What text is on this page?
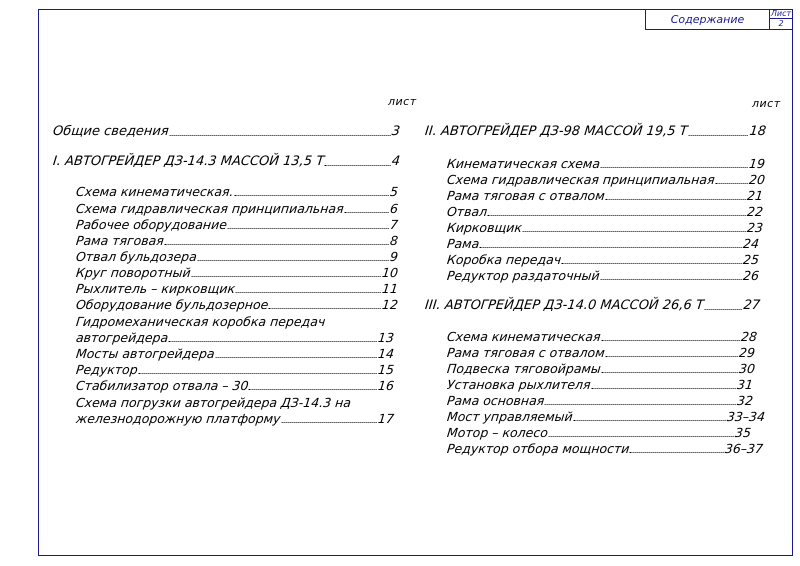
Содержание	Лист
2
лист
Общие сведения	3
I. АВТОГРЕЙДЕР ДЗ-14.3 МАССОЙ 13,5 Т	4
Схема кинематическая.	5
Схема гидравлическая принципиальная	6
Рабочее оборудование	7
Рама тяговая	8
Отвал бульдозера	9
Круг поворотный	10
Рыхлитель – кирковщик	11
Оборудование бульдозерное	12
Гидромеханическая коробка передач
автогрейдера	13
Мосты автогрейдера	14
Редуктор	15
Стабилизатор отвала – 30	16
Схема погрузки автогрейдера ДЗ-14.3 на
железнодорожную платформу	17
лист
II. АВТОГРЕЙДЕР ДЗ-98 МАССОЙ 19,5 Т	18
Кинематическая схема	19
Схема гидравлическая принципиальная	20
Рама тяговая с отвалом	21
Отвал	22
Кирковщик	23
Рама	24
Коробка передач	25
Редуктор раздаточный	26
III. АВТОГРЕЙДЕР ДЗ-14.0 МАССОЙ 26,6 Т	27
Схема кинематическая	28
Рама тяговая с отвалом	29
Подвеска тяговойрамы	30
Установка рыхлителя	31
Рама основная	32
Мост управляемый	33–34
Мотор – колесо	35
Редуктор отбора мощности	36–37
